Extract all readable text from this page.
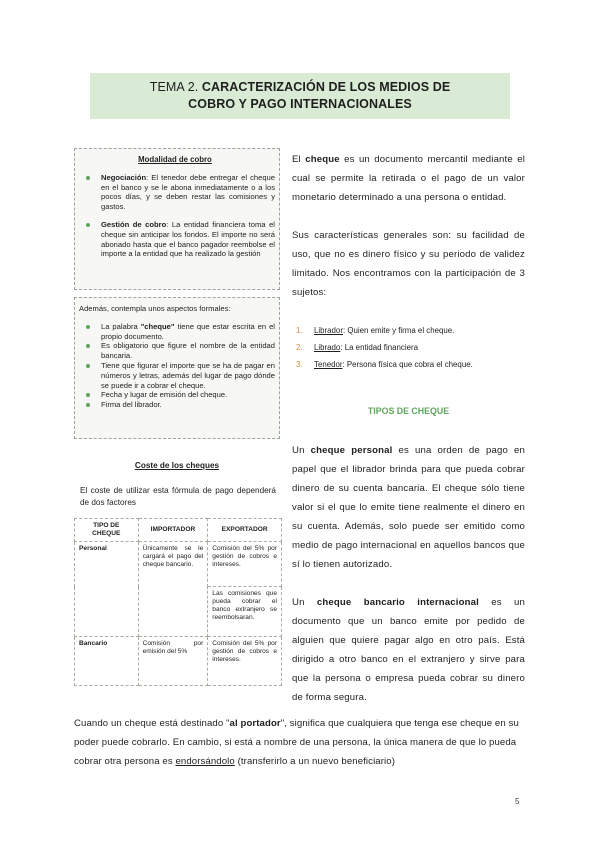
TEMA 2. CARACTERIZACIÓN DE LOS MEDIOS DE
COBRO Y PAGO INTERNACIONALES
Modalidad de cobro
Negociación: El tenedor debe entregar el cheque en el banco y se le abona inmediatamente o a los pocos días, y se deben restar las comisiones y gastos.
Gestión de cobro: La entidad financiera toma el cheque sin anticipar los fondos. El importe no será abonado hasta que el banco pagador reembolse el importe a la entidad que ha realizado la gestión
Además, contempla unos aspectos formales:
La palabra "cheque" tiene que estar escrita en el propio documento.
Es obligatorio que figure el nombre de la entidad bancaria.
Tiene que figurar el importe que se ha de pagar en números y letras, además del lugar de pago dónde se puede ir a cobrar el cheque.
Fecha y lugar de emisión del cheque.
Firma del librador.
Coste de los cheques
El coste de utilizar esta fórmula de pago dependerá de dos factores
TIPO DE CHEQUE	IMPORTADOR	EXPORTADOR
Personal	Únicamente se le cargará el pago del cheque bancario.	Comisión del 5% por gestión de cobros e intereses.
		Las comisiones que pueda cobrar el banco extranjero se reembolsaran.
Bancario	Comisión por emisión del 5%	Comisión del 5% por gestión de cobros e intereses.

El cheque es un documento mercantil mediante el cual se permite la retirada o el pago de un valor monetario determinado a una persona o entidad.

Sus características generales son: su facilidad de uso, que no es dinero físico y su periodo de validez limitado. Nos encontramos con la participación de 3 sujetos:

1. Librador: Quien emite y firma el cheque.
2. Librado: La entidad financiera
3. Tenedor: Persona física que cobra el cheque.
TIPOS DE CHEQUE

Un cheque personal es una orden de pago en papel que el librador brinda para que pueda cobrar dinero de su cuenta bancaria. El cheque sólo tiene valor si el que lo emite tiene realmente el dinero en su cuenta. Además, solo puede ser emitido como medio de pago internacional en aquellos bancos que sí lo tienen autorizado.

Un cheque bancario internacional es un documento que un banco emite por pedido de alguien que quiere pagar algo en otro país. Está dirigido a otro banco en el extranjero y sirve para que la persona o empresa pueda cobrar su dinero de forma segura.

Cuando un cheque está destinado "al portador", significa que cualquiera que tenga ese cheque en su poder puede cobrarlo. En cambio, si está a nombre de una persona, la única manera de que lo pueda cobrar otra persona es endorsándolo (transferirlo a un nuevo beneficiario)
5
